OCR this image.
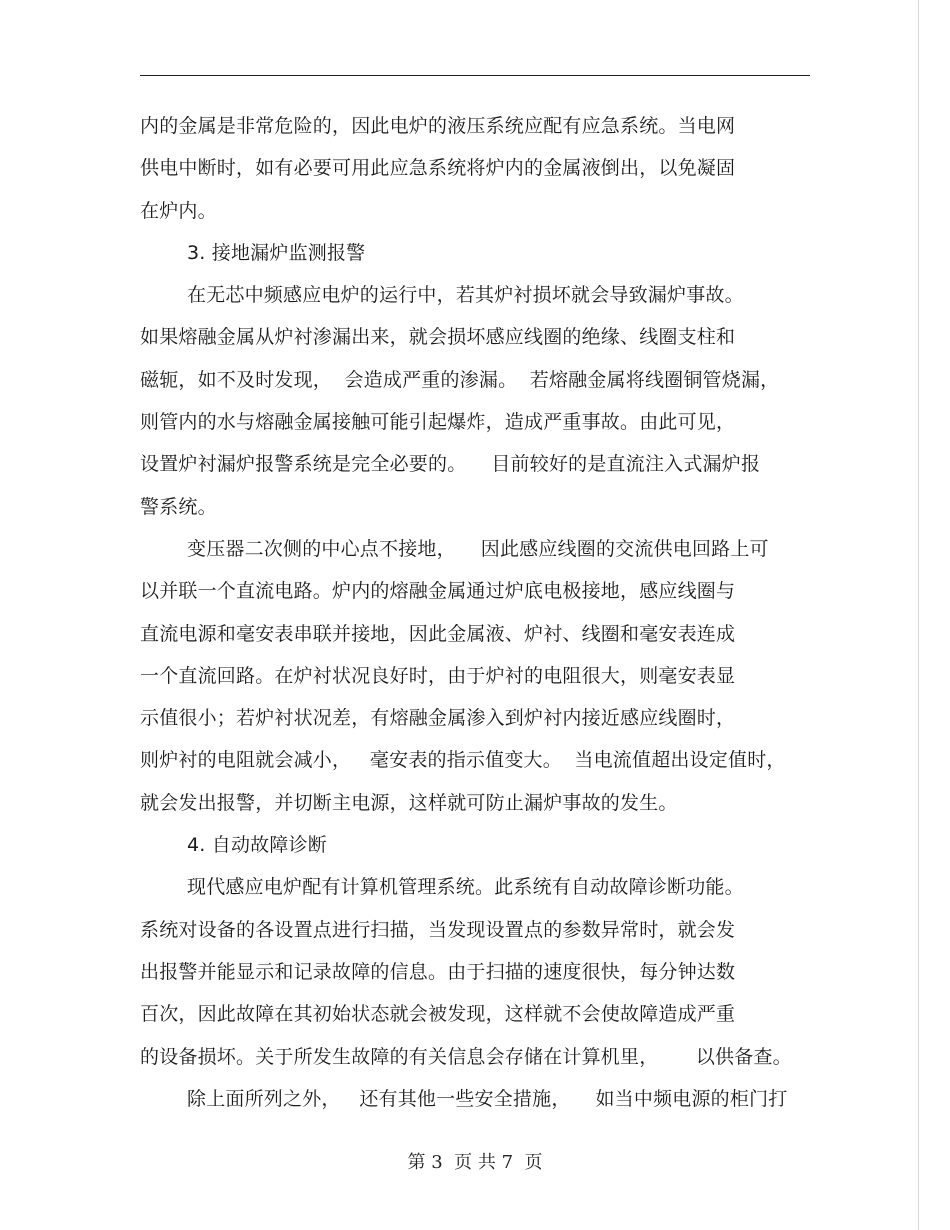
内的金属是非常危险的，因此电炉的液压系统应配有应急系统。当电网
供电中断时，如有必要可用此应急系统将炉内的金属液倒出，以免凝固
在炉内。
3. 接地漏炉监测报警
在无芯中频感应电炉的运行中，若其炉衬损坏就会导致漏炉事故。
如果熔融金属从炉衬渗漏出来，就会损坏感应线圈的绝缘、线圈支柱和
磁轭，如不及时发现，  会造成严重的渗漏。  若熔融金属将线圈铜管烧漏，
则管内的水与熔融金属接触可能引起爆炸，造成严重事故。由此可见，
设置炉衬漏炉报警系统是完全必要的。    目前较好的是直流注入式漏炉报
警系统。
变压器二次侧的中心点不接地，    因此感应线圈的交流供电回路上可
以并联一个直流电路。炉内的熔融金属通过炉底电极接地，感应线圈与
直流电源和毫安表串联并接地，因此金属液、炉衬、线圈和毫安表连成
一个直流回路。在炉衬状况良好时，由于炉衬的电阻很大，则毫安表显
示值很小；若炉衬状况差，有熔融金属渗入到炉衬内接近感应线圈时，
则炉衬的电阻就会减小，   毫安表的指示值变大。  当电流值超出设定值时，
就会发出报警，并切断主电源，这样就可防止漏炉事故的发生。
4. 自动故障诊断
现代感应电炉配有计算机管理系统。此系统有自动故障诊断功能。
系统对设备的各设置点进行扫描，当发现设置点的参数异常时，就会发
出报警并能显示和记录故障的信息。由于扫描的速度很快，每分钟达数
百次，因此故障在其初始状态就会被发现，这样就不会使故障造成严重
的设备损坏。关于所发生故障的有关信息会存储在计算机里，      以供备查。
除上面所列之外，   还有其他一些安全措施，    如当中频电源的柜门打
第 3  页 共 7  页
